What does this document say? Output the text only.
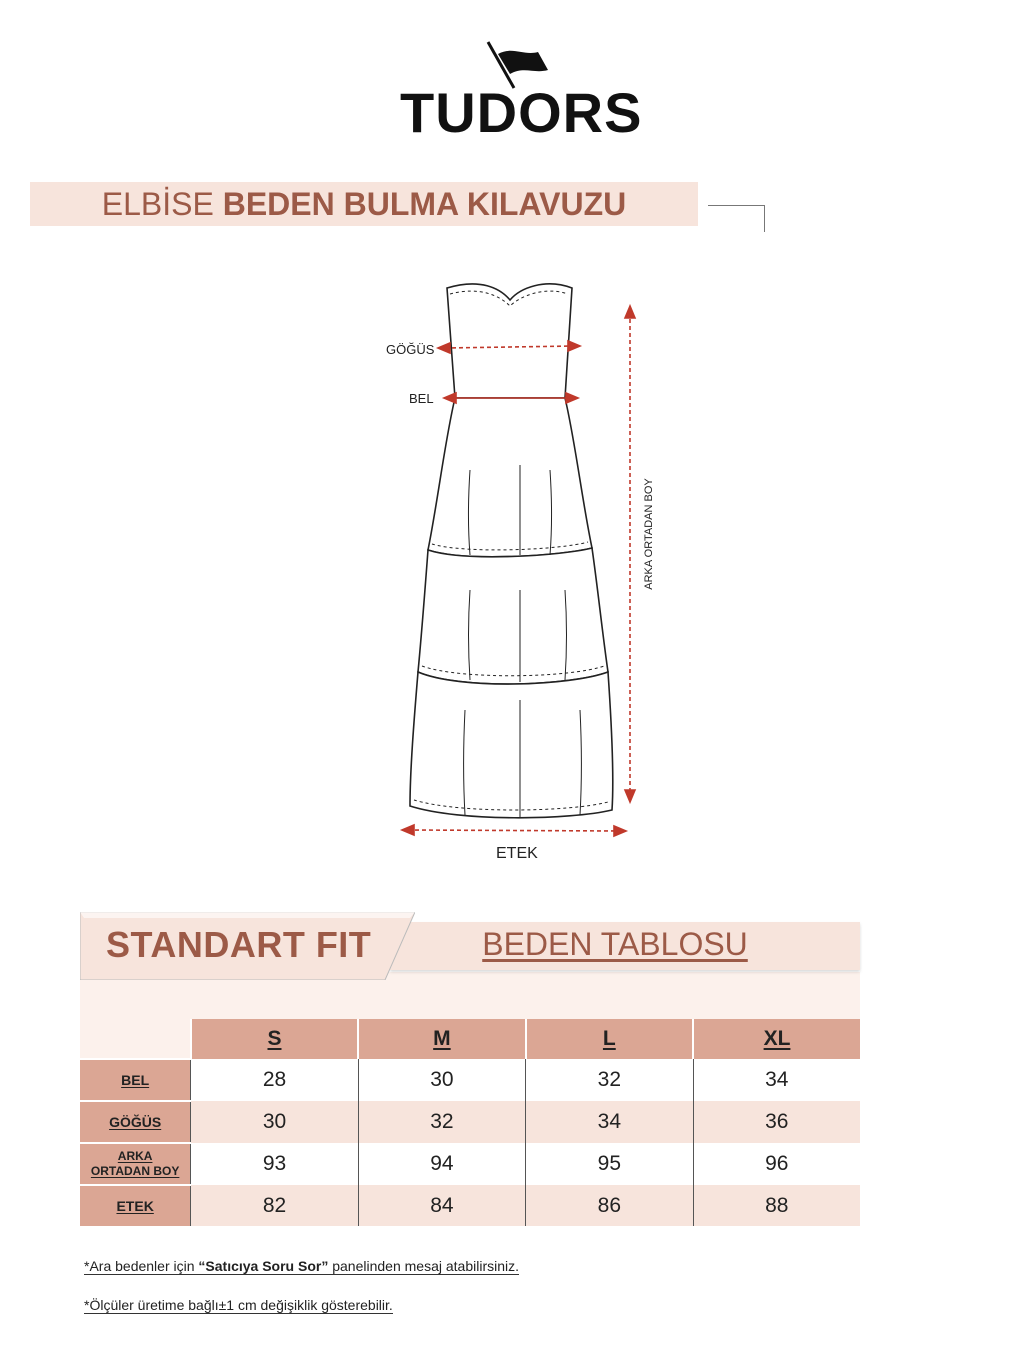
TUDORS
ELBİSE BEDEN BULMA KILAVUZU
GÖĞÜS
BEL
ARKA ORTADAN BOY
ETEK
BEDEN TABLOSU
STANDART FIT
	S	M	L	XL
BEL	28	30	32	34
GÖĞÜS	30	32	34	36

ARKA
ORTADAN BOY	93	94	95	96
ETEK	82	84	86	88
*Ara bedenler için “Satıcıya Soru Sor” panelinden mesaj atabilirsiniz.
*Ölçüler üretime bağlı±1 cm değişiklik gösterebilir.
